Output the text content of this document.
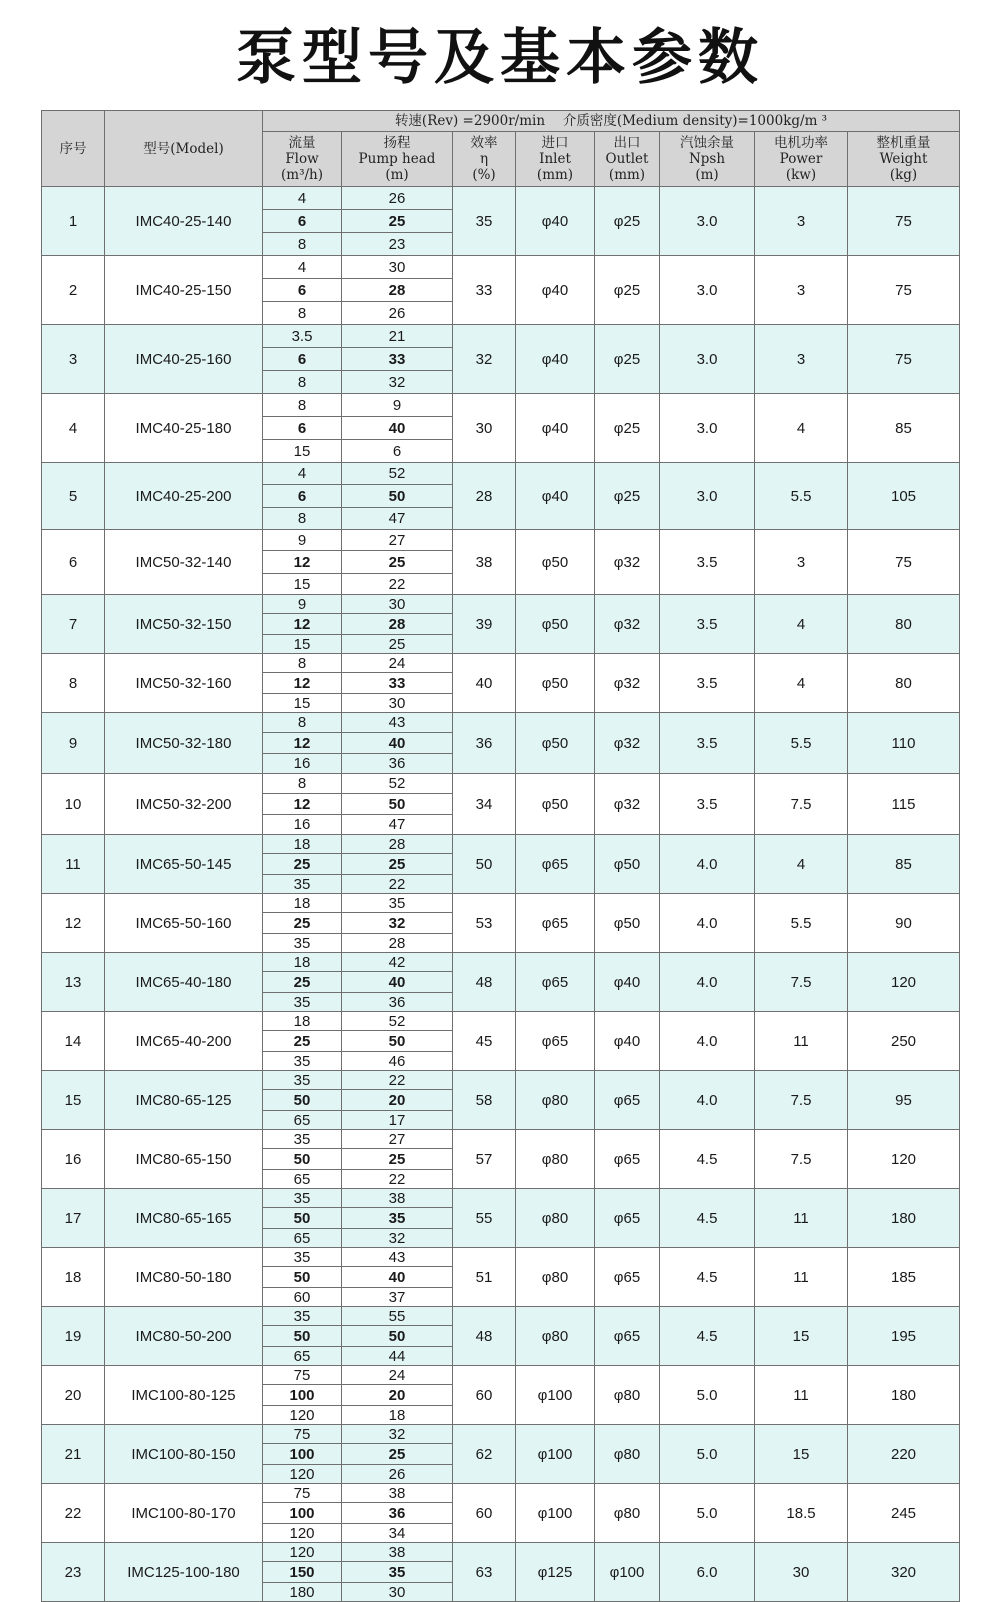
泵型号及基本参数
序号	型号(Model)	转速(Rev) =2900r/min　 介质密度(Medium density)=1000kg/m ³							

		流量
Flow
(m³/h)	扬程
Pump head
(m)	效率
η
(%)	进口
Inlet
(mm)	出口
Outlet
(mm)	汽蚀余量
Npsh
(m)	电机功率
Power
(kw)	整机重量
Weight
(kg)

1	IMC40-25-140	4	26	35	φ40	φ25	3.0	3	75
		6	25						
		8	23						
2	IMC40-25-150	4	30	33	φ40	φ25	3.0	3	75
		6	28						
		8	26						
3	IMC40-25-160	3.5	21	32	φ40	φ25	3.0	3	75
		6	33						
		8	32						
4	IMC40-25-180	8	9	30	φ40	φ25	3.0	4	85
		6	40						
		15	6						
5	IMC40-25-200	4	52	28	φ40	φ25	3.0	5.5	105
		6	50						
		8	47						
6	IMC50-32-140	9	27	38	φ50	φ32	3.5	3	75
		12	25						
		15	22						
7	IMC50-32-150	9	30	39	φ50	φ32	3.5	4	80
		12	28						
		15	25						
8	IMC50-32-160	8	24	40	φ50	φ32	3.5	4	80
		12	33						
		15	30						
9	IMC50-32-180	8	43	36	φ50	φ32	3.5	5.5	110
		12	40						
		16	36						
10	IMC50-32-200	8	52	34	φ50	φ32	3.5	7.5	115
		12	50						
		16	47						
11	IMC65-50-145	18	28	50	φ65	φ50	4.0	4	85
		25	25						
		35	22						
12	IMC65-50-160	18	35	53	φ65	φ50	4.0	5.5	90
		25	32						
		35	28						
13	IMC65-40-180	18	42	48	φ65	φ40	4.0	7.5	120
		25	40						
		35	36						
14	IMC65-40-200	18	52	45	φ65	φ40	4.0	11	250
		25	50						
		35	46						
15	IMC80-65-125	35	22	58	φ80	φ65	4.0	7.5	95
		50	20						
		65	17						
16	IMC80-65-150	35	27	57	φ80	φ65	4.5	7.5	120
		50	25						
		65	22						
17	IMC80-65-165	35	38	55	φ80	φ65	4.5	11	180
		50	35						
		65	32						
18	IMC80-50-180	35	43	51	φ80	φ65	4.5	11	185
		50	40						
		60	37						
19	IMC80-50-200	35	55	48	φ80	φ65	4.5	15	195
		50	50						
		65	44						
20	IMC100-80-125	75	24	60	φ100	φ80	5.0	11	180
		100	20						
		120	18						
21	IMC100-80-150	75	32	62	φ100	φ80	5.0	15	220
		100	25						
		120	26						
22	IMC100-80-170	75	38	60	φ100	φ80	5.0	18.5	245
		100	36						
		120	34						
23	IMC125-100-180	120	38	63	φ125	φ100	6.0	30	320
		150	35						
		180	30						
